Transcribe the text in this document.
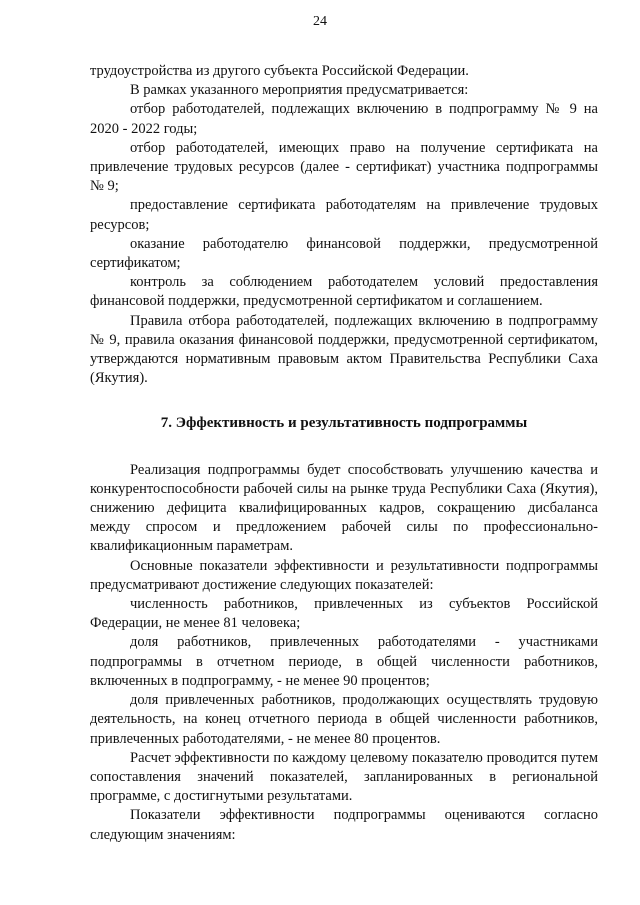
24

трудоустройства из другого субъекта Российской Федерации.

В рамках указанного мероприятия предусматривается:

отбор работодателей, подлежащих включению в подпрограмму № 9 на 2020 - 2022 годы;

отбор работодателей, имеющих право на получение сертификата на привлечение трудовых ресурсов (далее - сертификат) участника подпрограммы № 9;

предоставление сертификата работодателям на привлечение трудовых ресурсов;

оказание работодателю финансовой поддержки, предусмотренной сертификатом;

контроль за соблюдением работодателем условий предоставления финансовой поддержки, предусмотренной сертификатом и соглашением.

Правила отбора работодателей, подлежащих включению в подпрограмму № 9, правила оказания финансовой поддержки, предусмотренной сертификатом, утверждаются нормативным правовым актом Правительства Республики Саха (Якутия).

7. Эффективность и результативность подпрограммы

Реализация подпрограммы будет способствовать улучшению качества и конкурентоспособности рабочей силы на рынке труда Республики Саха (Якутия), снижению дефицита квалифицированных кадров, сокращению дисбаланса между спросом и предложением рабочей силы по профессионально-квалификационным параметрам.

Основные показатели эффективности и результативности подпрограммы предусматривают достижение следующих показателей:

численность работников, привлеченных из субъектов Российской Федерации, не менее 81 человека;

доля работников, привлеченных работодателями - участниками подпрограммы в отчетном периоде, в общей численности работников, включенных в подпрограмму, - не менее 90 процентов;

доля привлеченных работников, продолжающих осуществлять трудовую деятельность, на конец отчетного периода в общей численности работников, привлеченных работодателями, - не менее 80 процентов.

Расчет эффективности по каждому целевому показателю проводится путем сопоставления значений показателей, запланированных в региональной программе, с достигнутыми результатами.

Показатели эффективности подпрограммы оцениваются согласно следующим значениям:
